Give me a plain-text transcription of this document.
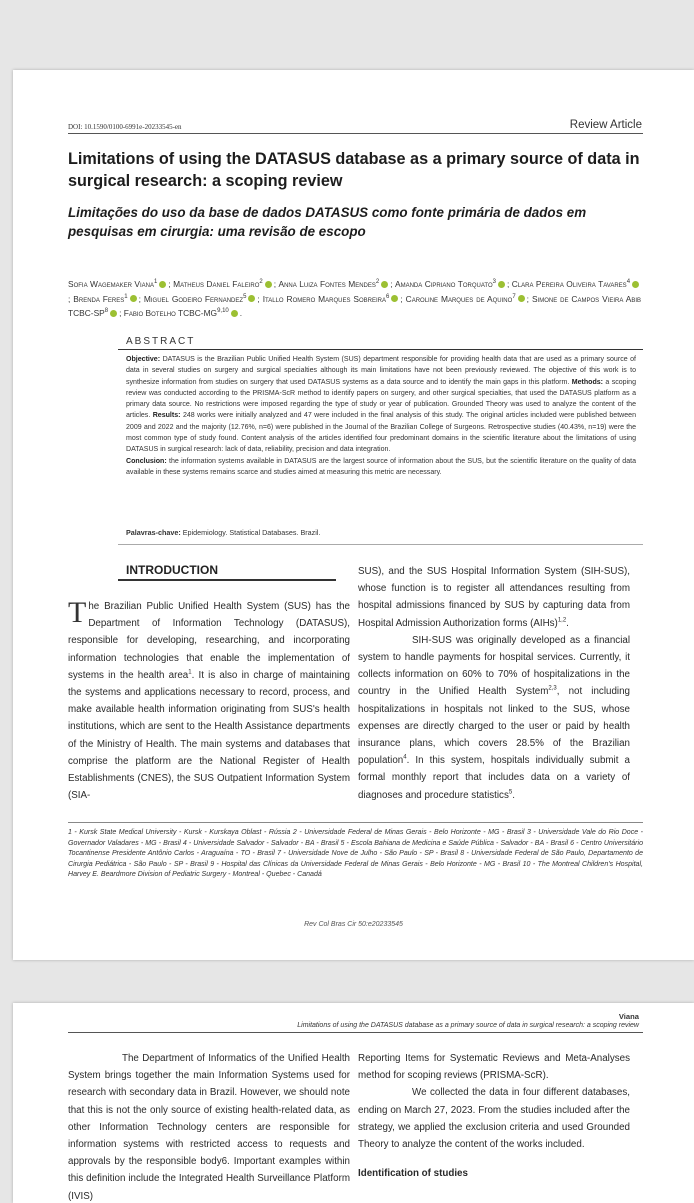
DOI: 10.1590/0100-6991e-20233545-en	Review Article
Limitations of using the DATASUS database as a primary source of data in surgical research: a scoping review
Limitações do uso da base de dados DATASUS como fonte primária de dados em pesquisas em cirurgia: uma revisão de escopo
Sofia Wagemaker Viana$^1$ ; Matheus Daniel Faleiro$^2$ ; Anna Luiza Fontes Mendes$^2$ ; Amanda Cipriano Torquato$^3$ ; Clara Pereira Oliveira Tavares$^4$; Brenda Feres$^1$ ; Miguel Godeiro Fernandez$^5$ ; Itallo Romero Marques Sobreira$^6$ ; Caroline Marques de Aquino$^7$ ; Simone de Campos Vieira Abib TCBC-$SP^8$ ; Fabio Botelho TCBC-MG$^{9,10}$ .
ABSTRACT
Objective: DATASUS is the Brazilian Public Unified Health System (SUS) department responsible for providing health data that are used as a primary source of data in several studies on surgery and surgical specialties although its main limitations have not been previously reviewed. The objective of this work is to synthesize information from studies on surgery that used DATASUS systems as a data source and to identify the main gaps in this platform. Methods: a scoping review was conducted according to the PRISMA-ScR method to identify papers on surgery, and other surgical specialties, that used the DATASUS platform as a primary data source. No restrictions were imposed regarding the type of study or year of publication. Grounded Theory was used to analyze the content of the articles. Results: 248 works were initially analyzed and 47 were included in the final analysis of this study. The original articles included were published between 2009 and 2022 and the majority (12.76%, n=6) were published in the Journal of the Brazilian College of Surgeons. Retrospective studies (40.43%, n=19) were the most common type of study found. Content analysis of the articles identified four predominant domains in the scientific literature about the limitations of using DATASUS in surgical research: lack of data, reliability, precision and data integration.
Conclusion: the information systems available in DATASUS are the largest source of information about the SUS, but the scientific literature on the quality of data available in these systems remains scarce and studies aimed at measuring this metric are necessary.
Palavras-chave: Epidemiology. Statistical Databases. Brazil.
INTRODUCTION
The Brazilian Public Unified Health System (SUS) has the Department of Information Technology (DATASUS), responsible for developing, researching, and incorporating information technologies that enable the implementation of systems in the health area$^1$. It is also in charge of maintaining the systems and applications necessary to record, process, and make available health information originating from SUS's health institutions, which are sent to the Health Assistance departments of the Ministry of Health. The main systems and databases that comprise the platform are the National Register of Health Establishments (CNES), the SUS Outpatient Information System (SIA-

SUS), and the SUS Hospital Information System (SIH-SUS), whose function is to register all attendances resulting from hospital admissions financed by SUS by capturing data from Hospital Admission Authorization forms (AIHs)$^{1,2}$.

SIH-SUS was originally developed as a financial system to handle payments for hospital services. Currently, it collects information on 60% to 70% of hospitalizations in the country in the Unified Health System$^{2,3}$, not including hospitalizations in hospitals not linked to the SUS, whose expenses are directly charged to the user or paid by health insurance plans, which covers 28.5% of the Brazilian population$^4$. In this system, hospitals individually submit a formal monthly report that includes data on a variety of diagnoses and procedure statistics$^5$.

1 - Kursk State Medical University - Kursk - Kurskaya Oblast - Rússia 2 - Universidade Federal de Minas Gerais - Belo Horizonte - MG - Brasil 3 - Universidade Vale do Rio Doce - Governador Valadares - MG - Brasil 4 - Universidade Salvador - Salvador - BA - Brasil 5 - Escola Bahiana de Medicina e Saúde Pública - Salvador - BA - Brasil 6 - Centro Universitário Tocantinense Presidente Antônio Carlos - Araguaína - TO - Brasil 7 - Universidade Nove de Julho - São Paulo - SP - Brasil 8 - Universidade Federal de São Paulo, Departamento de Cirurgia Pediátrica - São Paulo - SP - Brasil 9 - Hospital das Clínicas da Universidade Federal de Minas Gerais - Belo Horizonte - MG - Brasil 10 - The Montreal Children's Hospital, Harvey E. Beardmore Division of Pediatric Surgery - Montreal - Quebec - Canadá
Rev Col Bras Cir 50:e20233545
Viana
Limitations of using the DATASUS database as a primary source of data in surgical research: a scoping review
The Department of Informatics of the Unified Health System brings together the main Information Systems used for research with secondary data in Brazil. However, we should note that this is not the only source of existing health-related data, as other Information Technology centers are responsible for information systems with restricted access to requests and approvals by the responsible body6. Important examples within this definition include the Integrated Health Surveillance Platform (IVIS)

Reporting Items for Systematic Reviews and Meta-Analyses method for scoping reviews (PRISMA-ScR).

We collected the data in four different databases, ending on March 27, 2023. From the studies included after the strategy, we applied the exclusion criteria and used Grounded Theory to analyze the content of the works included.

Identification of studies
